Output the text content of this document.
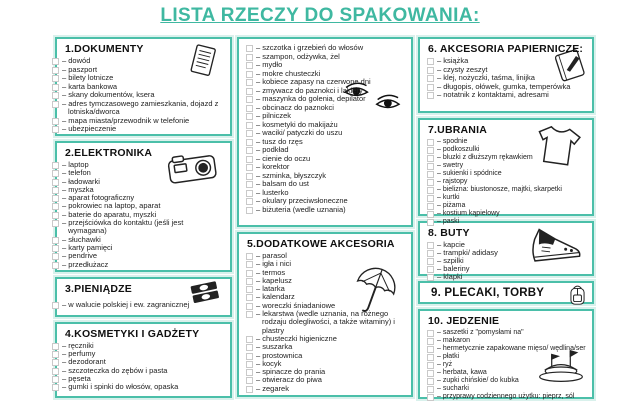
LISTA RZECZY DO SPAKOWANIA:
1.DOKUMENTY
– dowód
– paszport
– bilety lotnicze
– karta bankowa
– skany dokumentów, ksera
– adres tymczasowego zamieszkania, dojazd z lotniska/dworca
– mapa miasta/przewodnik w telefonie
– ubezpieczenie
2.ELEKTRONIKA
– laptop
– telefon
– ładowarki
– myszka
– aparat fotograficzny
– pokrowiec na laptop, aparat
– baterie do aparatu, myszki
– przejściówka do kontaktu (jeśli jest wymagana)
– słuchawki
– karty pamięci
– pendrive
– przedłużacz
3.PIENIĄDZE
– w walucie polskiej i ew. zagranicznej
4.KOSMETYKI I GADŻETY
– ręczniki
– perfumy
– dezodorant
– szczoteczka do zębów i pasta
– pęseta
– gumki i spinki do włosów, opaska
– szczotka i grzebień do włosów
– szampon, odżywka, żel
– mydło
– mokre chusteczki
– kobiece zapasy na czerwone dni
– zmywacz do paznokci i lakiery
– maszynka do golenia, depilator
– obcinacz do paznokci
– pilniczek
– kosmetyki do makijażu
– waciki/ patyczki do uszu
– tusz do rzęs
– podkład
– cienie do oczu
– korektor
– szminka, błyszczyk
– balsam do ust
– lusterko
– okulary przeciwsłoneczne
– biżuteria (wedle uznania)
5.DODATKOWE AKCESORIA
– parasol
– igła i nici
– termos
– kapelusz
– latarka
– kalendarz
– woreczki śniadaniowe
– lekarstwa (wedle uznania, na różnego rodzaju dolegliwości, a także witaminy) i plastry
– chusteczki higieniczne
– suszarka
– prostownica
– kocyk
– spinacze do prania
– otwieracz do piwa
– zegarek
6. AKCESORIA PAPIERNICZE:
– książka
– czysty zeszyt
– klej, nożyczki, taśma, linijka
– długopis, ołówek, gumka, temperówka
– notatnik z kontaktami, adresami
7.UBRANIA
– spodnie
– podkoszulki
– bluzki z dłuższym rękawkiem
– swetry
– sukienki i spódnice
– rajstopy
– bielizna: biustonosze, majtki, skarpetki
– kurtki
– piżama
– kostium kąpielowy
– paski
8. BUTY
– kapcie
– trampki/ adidasy
– szpilki
– baleriny
– klapki
9. PLECAKI, TORBY
10. JEDZENIE
– saszetki z "pomysłami na"
– makaron
– hermetycznie zapakowane mięso/ wędlina/ser
– płatki
– ryż
– herbata, kawa
– zupki chińskie/ do kubka
– sucharki
– przyprawy codziennego użytku: pieprz, sól
